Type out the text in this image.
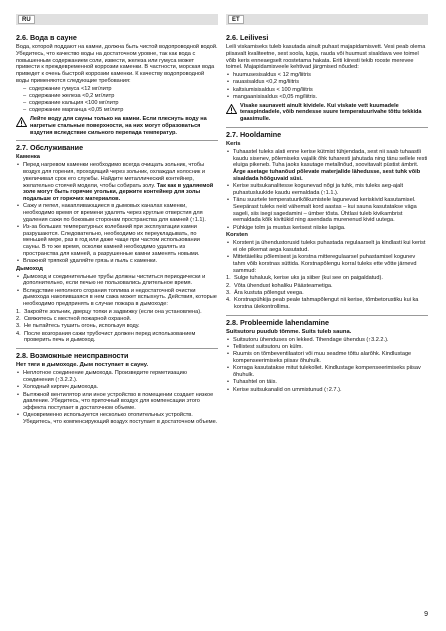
RU	ET
2.6. Вода в сауне

Вода, которой поддают на камни, должна быть чистой водопроводной водой. Убедитесь, что качество воды на достаточном уровне, так как вода с повышенным содержанием соли, извести, железа или гумуса может привести к преждевременной коррозии каменки. В частности, морская вода приведет к очень быстрой коррозии каменки. К качеству водопроводной воды применяются следующие требования:

– содержание гумуса <12 мг/литр
– содержание железа <0,2 мг/литр
– содержание кальция <100 мг/литр
– содержание марганца <0,05 мг/литр
Лейте воду для сауны только на камни. Если плеснуть воду на нагретые стальные поверхности, на них могут образоваться вздутия вследствие сильного перепада температур.
2.7. Обслуживание
Каменка
• Перед нагревом каменки необходимо всегда очищать зольник, чтобы воздух для горения, проходящий через зольник, охлаждал колосник и увеличивал срок его службы. Найдите металлический контейнер, желательно стоячей модели, чтобы собирать золу. Так как в удаляемой золе могут быть горячие угольки, держите контейнер для золы подальше от горючих материалов.
• Сажу и пепел, накапливающиеся в дымовых каналах каменки, необходимо время от времени удалять через круглые отверстия для удаления сажи по боковым сторонам пространства для камней (↑1.1).
• Из-за больших температурных колебаний при эксплуатации камни разрушаются. Следовательно, необходимо их переукладывать, по меньшей мере, раз в год или даже чаще при частом использовании сауны. В то же время, осколки камней необходимо удалять из пространства для камней, а разрушенные камни заменять новыми.
• Влажной тряпкой удаляйте грязь и пыль с каменки.
Дымоход
• Дымоход и соединительные трубы должны чиститься периодически и дополнительно, если печью не пользовались длительное время.
• Вследствие неполного сгорания топлива и недостаточной очистки дымохода накопившаяся в нем сажа может вспыхнуть. Действия, которые необходимо предпринять в случае пожара в дымоходе:
1. Закройте зольник, дверцу топки и задвижку (если она установлена).
2. Свяжитесь с местной пожарной охраной.
3. Не пытайтесь тушить огонь, используя воду.
4. После возгорания сажи трубочист должен перед использованием проверить печь и дымоход.
2.8. Возможные неисправности
Нет тяги в дымоходе. Дым поступает в сауну.
• Неплотное соединение дымохода. Произведите герметизацию соединения (↑3.2.2.).
• Холодный кирпич дымохода.
• Вытяжной вентилятор или иное устройство в помещении создает низкое давление. Убедитесь, что приточный воздух для компенсации этого эффекта поступает в достаточном объеме.
• Одновременно используется несколько отопительных устройств. Убедитесь, что компенсирующий воздух поступает в достаточном объеме.
2.6. Leilivesi

Leili viskamiseks tuleb kasutada ainult puhast majapidamisvett. Vesi peab olema piisavalt kvaliteetne, sest soola, lupja, rauda või huumust sisaldava vee toimel võib keris enneaegselt roostetama hakata. Eriti kiiresti tekib rooste merevee toimel. Majapidamisveele kehtivad järgmised nõuded:

• huumusesisaldus < 12 mg/liitris
• rauasisaldus <0,2 mg/liitris
• kaltsiumisisaldus < 100 mg/liitris
• mangaanisisaldus <0,05 mg/liitris.
Visake saunavett ainult kividele. Kui viskate vett kuumadele teraspindadele, võib nendesse suure temperatuurivahe tõttu tekkida gaasimulle.
2.7. Hooldamine
Keris
• Tuhaastel tuleks alati enne kerise kütmist tühjendada, sest nii saab tuhaastli kaudu sisenev, põlemiseks vajalik õhk tuharesti jahutada ning tänu sellele resti eluiga pikeneb. Tuha jaoks kasutage metallnõud, soovitavalt püstist ämbrit. Ärge asetage tuhanõud põlevate materjalide lähedusse, sest tuhk võib sisaldada hõõguvaid süsi.
• Kerise suitsukanalitesse kogunevad nõgi ja tuhk, mis tuleks aeg-ajalt puhastusluukide kaudu eemaldada (↑1.1.).
• Tänu suurtele temperatuurikõikumistele lagunevad keriskivid kasutamisel. Seepärast tuleks neid vähemalt kord aastas – kui sauna kasutatakse väga sageli, siis isegi sagedamini – ümber tõsta. Ühtlasi tuleb kivikambrist eemaldada kõik kivitükid ning asendada murenenud kivid uutega.
• Pühkige tolm ja mustus kerisest niiske lapiga.
Korsten
• Korstent ja ühendustorusid tuleks puhastada regulaarselt ja kindlasti kui kerist ei ole pikemat aega kasutatud.
• Mittetäieliku põlemisest ja korstna mitteregulaarsel puhastamisel kogunev tahm võib korstnas süttida. Korstnapõlengu korral tuleks ette võtte järnevd sammud:
1. Sulge tuhaluuk, kerise uks ja siiber (kui see on paigaldatud).
2. Võta ühendust kohaliku Päästeametiga.
3. Ära kustuta põlengut veega.
4. Korstnapühkija peab peale tahmapõlengut nii kerise, tõmbetorustiku kui ka korstna ülekontrollima.
2.8. Probleemide lahendamine
Suitsutoru puudub tõmme. Suits tuleb sauna.
• Suitsutoru ühenduses on lekked. Tihendage ühendus (↑3.2.2.).
• Tellistest suitsutoru on külm.
• Ruumis on tõmbeventilaatori või muu seadme tõttu alarõhk. Kindlustage kompenseerimiseks piisav õhuhulk.
• Korraga kasutatakse mitut tulekollet. Kindlustage kompenseerimiseks piisav õhuhulk.
• Tuhashtel on täis.
• Kerise suitsukanalid on ummistunud (↑2.7.).
9
